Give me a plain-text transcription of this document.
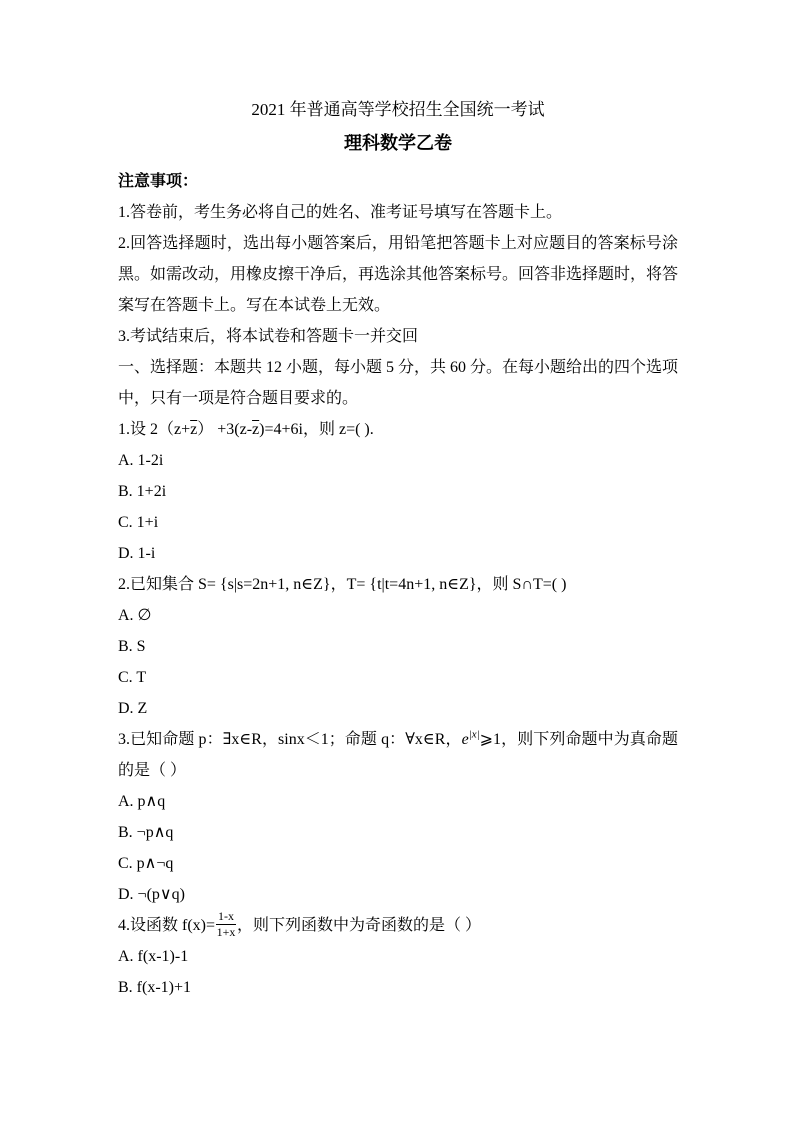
2021 年普通高等学校招生全国统一考试
理科数学乙卷

注意事项：

1.答卷前，考生务必将自己的姓名、准考证号填写在答题卡上。

2.回答选择题时，选出每小题答案后，用铅笔把答题卡上对应题目的答案标号涂黑。如需改动，用橡皮擦干净后，再选涂其他答案标号。回答非选择题时，将答案写在答题卡上。写在本试卷上无效。

3.考试结束后，将本试卷和答题卡一并交回

一、选择题：本题共 12 小题，每小题 5 分，共 60 分。在每小题给出的四个选项中，只有一项是符合题目要求的。

1.设 $2(z+\overline{z}) +3(z-\overline{z})=4+6i$，则 z=( ).

A. 1-2i

B. 1+2i

C. 1+i

D. 1-i

2.已知集合 S= {s|s=2n+1, n∈Z}，T= {t|t=4n+1, n∈Z}，则 S∩T=( )

A. ∅

B. S

C. T

D. Z

3.已知命题 p：∃x∈R，sinx＜1；命题 q：∀x∈R，$e^{|x|}⩾1$，则下列命题中为真命题的是（ ）

A. p∧q

B. ¬p∧q

C. p∧¬q

D. ¬(p∨q)

4.设函数 $f(x)= \frac{1-x}{1+x}$ ，则下列函数中为奇函数的是（ ）

A. f(x-1)-1

B. f(x-1)+1
